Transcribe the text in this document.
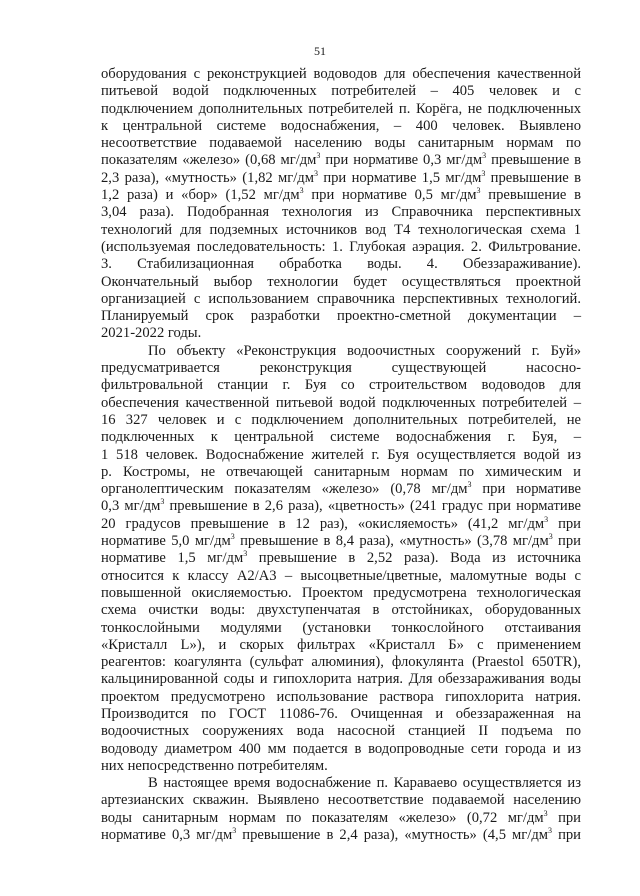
51
оборудования с реконструкцией водоводов для обеспечения качественной
питьевой водой подключенных потребителей – 405 человек и с
подключением дополнительных потребителей п. Корёга, не подключенных
к центральной системе водоснабжения, – 400 человек. Выявлено
несоответствие подаваемой населению воды санитарным нормам по
показателям «железо» (0,68 $мг/дм^3$ при нормативе 0,3 $мг/дм^3$ превышение в
2,3 раза), «мутность» (1,82 $мг/дм^3$ при нормативе 1,5 $мг/дм^3$ превышение в
1,2 раза) и «бор» (1,52 $мг/дм^3$ при нормативе 0,5 $мг/дм^3$ превышение в
3,04 раза). Подобранная технология из Справочника перспективных
технологий для подземных источников вод Т4 технологическая схема 1
(используемая последовательность: 1. Глубокая аэрация. 2. Фильтрование.
3. Стабилизационная обработка воды. 4. Обеззараживание).
Окончательный выбор технологии будет осуществляться проектной
организацией с использованием справочника перспективных технологий.
Планируемый срок разработки проектно-сметной документации –
2021-2022 годы.
По объекту «Реконструкция водоочистных сооружений г. Буй»
предусматривается реконструкция существующей насосно-
фильтровальной станции г. Буя со строительством водоводов для
обеспечения качественной питьевой водой подключенных потребителей –
16 327 человек и с подключением дополнительных потребителей, не
подключенных к центральной системе водоснабжения г. Буя, –
1 518 человек. Водоснабжение жителей г. Буя осуществляется водой из
р. Костромы, не отвечающей санитарным нормам по химическим и
органолептическим показателям «железо» (0,78 $мг/дм^3$ при нормативе
0,3 $мг/дм^3$ превышение в 2,6 раза), «цветность» (241 градус при нормативе
20 градусов превышение в 12 раз), «окисляемость» (41,2 $мг/дм^3$ при
нормативе 5,0 $мг/дм^3$ превышение в 8,4 раза), «мутность» (3,78 $мг/дм^3$ при
нормативе 1,5 $мг/дм^3$ превышение в 2,52 раза). Вода из источника
относится к классу А2/А3 – высоцветные/цветные, маломутные воды с
повышенной окисляемостью. Проектом предусмотрена технологическая
схема очистки воды: двухступенчатая в отстойниках, оборудованных
тонкослойными модулями (установки тонкослойного отстаивания
«Кристалл L»), и скорых фильтрах «Кристалл Б» с применением
реагентов: коагулянта (сульфат алюминия), флокулянта (Praestol 650TR),
кальцинированной соды и гипохлорита натрия. Для обеззараживания воды
проектом предусмотрено использование раствора гипохлорита натрия.
Производится по ГОСТ 11086-76. Очищенная и обеззараженная на
водоочистных сооружениях вода насосной станцией II подъема по
водоводу диаметром 400 мм подается в водопроводные сети города и из
них непосредственно потребителям.
В настоящее время водоснабжение п. Караваево осуществляется из
артезианских скважин. Выявлено несоответствие подаваемой населению
воды санитарным нормам по показателям «железо» (0,72 $мг/дм^3$ при
нормативе 0,3 $мг/дм^3$ превышение в 2,4 раза), «мутность» (4,5 $мг/дм^3$ при
